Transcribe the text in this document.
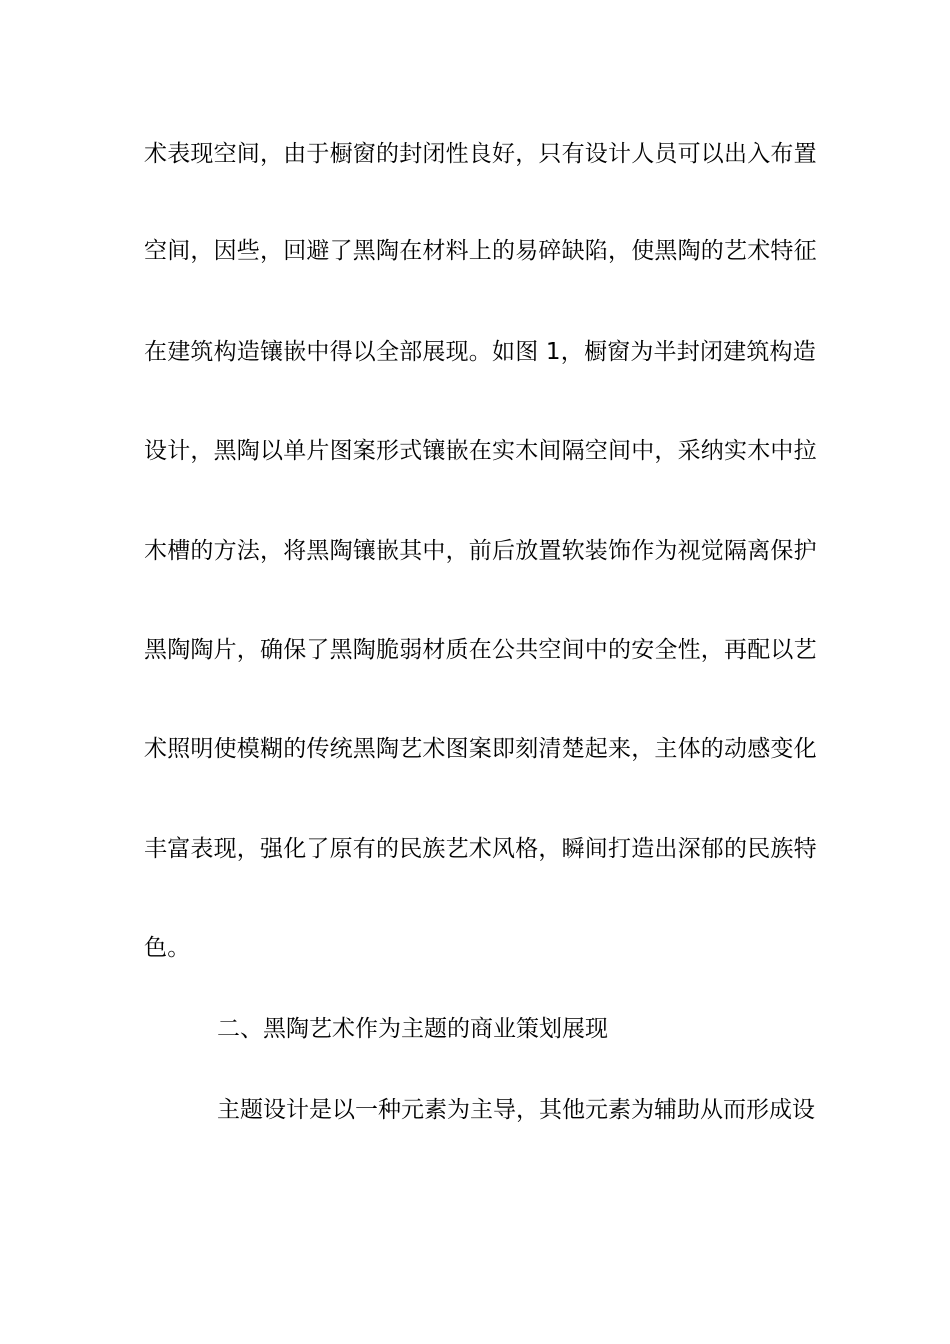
术表现空间，由于橱窗的封闭性良好，只有设计人员可以出入布置
空间，因些，回避了黑陶在材料上的易碎缺陷，使黑陶的艺术特征
在建筑构造镶嵌中得以全部展现。如图 1，橱窗为半封闭建筑构造
设计，黑陶以单片图案形式镶嵌在实木间隔空间中，采纳实木中拉
木槽的方法，将黑陶镶嵌其中，前后放置软装饰作为视觉隔离保护
黑陶陶片，确保了黑陶脆弱材质在公共空间中的安全性，再配以艺
术照明使模糊的传统黑陶艺术图案即刻清楚起来，主体的动感变化
丰富表现，强化了原有的民族艺术风格，瞬间打造出深郁的民族特
色。
二、黑陶艺术作为主题的商业策划展现
主题设计是以一种元素为主导，其他元素为辅助从而形成设
